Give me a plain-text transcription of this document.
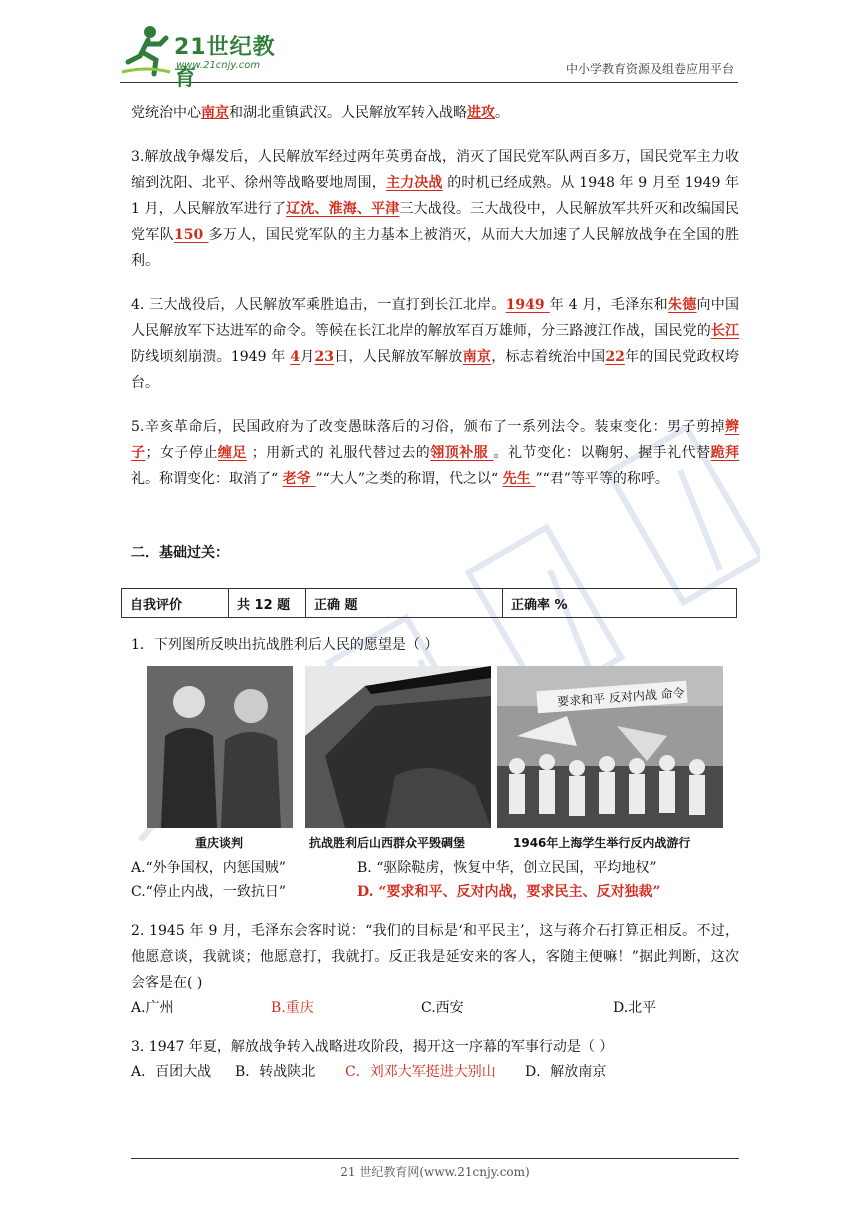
21世纪教育
www.21cnjy.com	中小学教育资源及组卷应用平台

党统治中心南京和湖北重镇武汉。人民解放军转入战略进攻。

3.解放战争爆发后，人民解放军经过两年英勇奋战，消灭了国民党军队两百多万，国民党军主力收缩到沈阳、北平、徐州等战略要地周围，主力决战 的时机已经成熟。从 1948 年 9 月至 1949 年 1 月，人民解放军进行了辽沈、淮海、平津三大战役。三大战役中，人民解放军共歼灭和改编国民党军队150 多万人，国民党军队的主力基本上被消灭，从而大大加速了人民解放战争在全国的胜利。

4. 三大战役后，人民解放军乘胜追击，一直打到长江北岸。1949 年 4 月，毛泽东和朱德向中国人民解放军下达进军的命令。等候在长江北岸的解放军百万雄师，分三路渡江作战，国民党的长江防线顷刻崩溃。1949 年 4月23日，人民解放军解放南京，标志着统治中国22年的国民党政权垮台。

5.辛亥革命后，民国政府为了改变愚昧落后的习俗，颁布了一系列法令。装束变化：男子剪掉辫子；女子停止缠足 ；用新式的 礼服代替过去的翎顶补服 。礼节变化：以鞠躬、握手礼代替跪拜 礼。称谓变化：取消了“ 老爷 ”“大人”之类的称谓，代之以“ 先生 ”“君”等平等的称呼。

二．基础过关：
自我评价	共 12 题	正确 题	正确率 %

1．下列图所反映出抗战胜利后人民的愿望是（ ）

要求和平 反对内战 命令
重庆谈判	抗战胜利后山西群众平毁碉堡	1946年上海学生举行反内战游行
A.“外争国权，内惩国贼”	B. “驱除鞑虏，恢复中华，创立民国，平均地权”
C.“停止内战，一致抗日”	D. “要求和平、反对内战，要求民主、反对独裁”

2. 1945 年 9 月，毛泽东会客时说：“我们的目标是‘和平民主’，这与蒋介石打算正相反。不过，他愿意谈，我就谈；他愿意打，我就打。反正我是延安来的客人，客随主便嘛！”据此判断，这次会客是在( )

A.广州	B.重庆	C.西安	D.北平

3. 1947 年夏，解放战争转入战略进攻阶段，揭开这一序幕的军事行动是（ ）

A．百团大战	B．转战陕北	C．刘邓大军挺进大别山	D．解放南京
21 世纪教育网(www.21cnjy.com)
